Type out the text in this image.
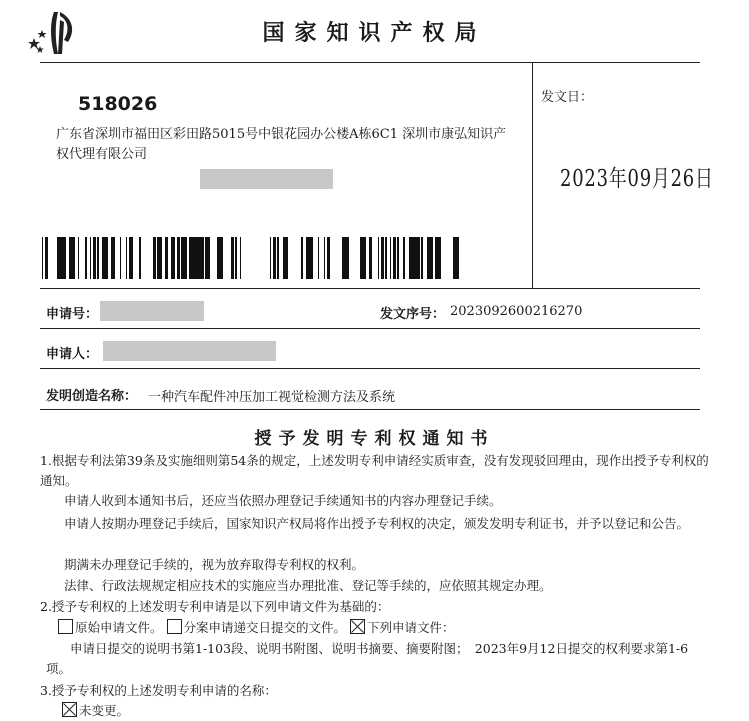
国家知识产权局
518026
广东省深圳市福田区彩田路5015号中银花园办公楼A栋6C1 深圳市康弘知识产权代理有限公司
发文日：
2023年09月26日
申请号：	发文序号： 2023092600216270
申请人：
发明创造名称： 一种汽车配件冲压加工视觉检测方法及系统
授予发明专利权通知书
1.根据专利法第39条及实施细则第54条的规定，上述发明专利申请经实质审查，没有发现驳回理由，现作出授予专利权的通知。
申请人收到本通知书后，还应当依照办理登记手续通知书的内容办理登记手续。
申请人按期办理登记手续后，国家知识产权局将作出授予专利权的决定，颁发发明专利证书，并予以登记和公告。
期满未办理登记手续的，视为放弃取得专利权的权利。
法律、行政法规规定相应技术的实施应当办理批准、登记等手续的，应依照其规定办理。
2.授予专利权的上述发明专利申请是以下列申请文件为基础的：
原始申请文件。 分案申请递交日提交的文件。 下列申请文件：
申请日提交的说明书第1-103段、说明书附图、说明书摘要、摘要附图；　2023年9月12日提交的权利要求第1-6项。
3.授予专利权的上述发明专利申请的名称：
未变更。
